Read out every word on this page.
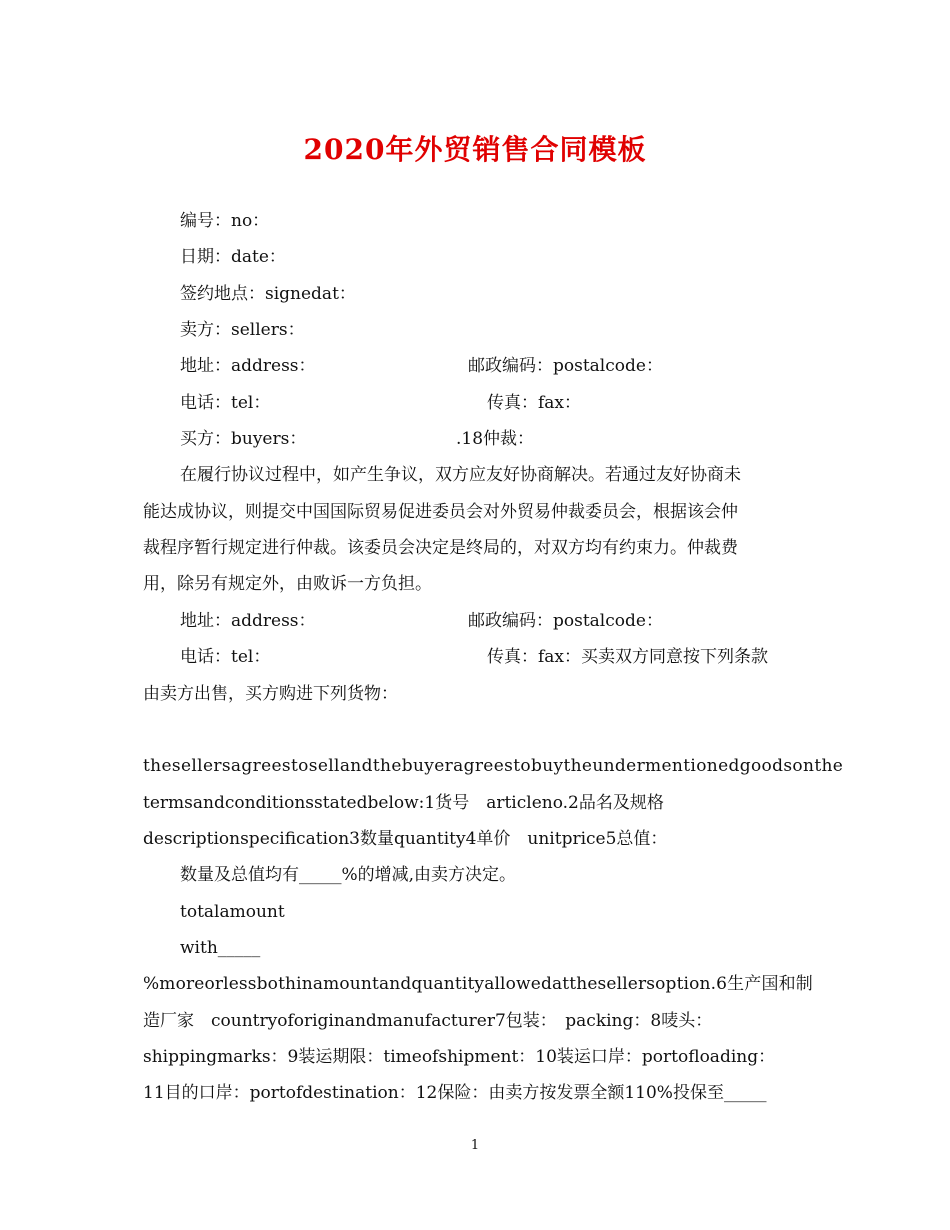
2020年外贸销售合同模板
编号：no：
日期：date：
签约地点：signedat：
卖方：sellers：
地址：address：	邮政编码：postalcode：
电话：tel：	传真：fax：
买方：buyers：	.18仲裁：
在履行协议过程中，如产生争议，双方应友好协商解决。若通过友好协商未
能达成协议，则提交中国国际贸易促进委员会对外贸易仲裁委员会，根据该会仲
裁程序暂行规定进行仲裁。该委员会决定是终局的，对双方均有约束力。仲裁费
用，除另有规定外，由败诉一方负担。
地址：address：	邮政编码：postalcode：
电话：tel：	传真：fax：买卖双方同意按下列条款
由卖方出售，买方购进下列货物：
thesellersagreestosellandthebuyeragreestobuytheundermentionedgoodsonthe
termsandconditionsstatedbelow:1货号　articleno.2品名及规格
descriptionspecification3数量quantity4单价　unitprice5总值：
数量及总值均有_____%的增减,由卖方决定。
totalamount
with_____
%moreorlessbothinamountandquantityallowedatthesellersoption.6生产国和制
造厂家　countryoforiginandmanufacturer7包装：　packing：8唛头：
shippingmarks：9装运期限：timeofshipment：10装运口岸：portofloading：
11目的口岸：portofdestination：12保险：由卖方按发票全额110%投保至_____
1
